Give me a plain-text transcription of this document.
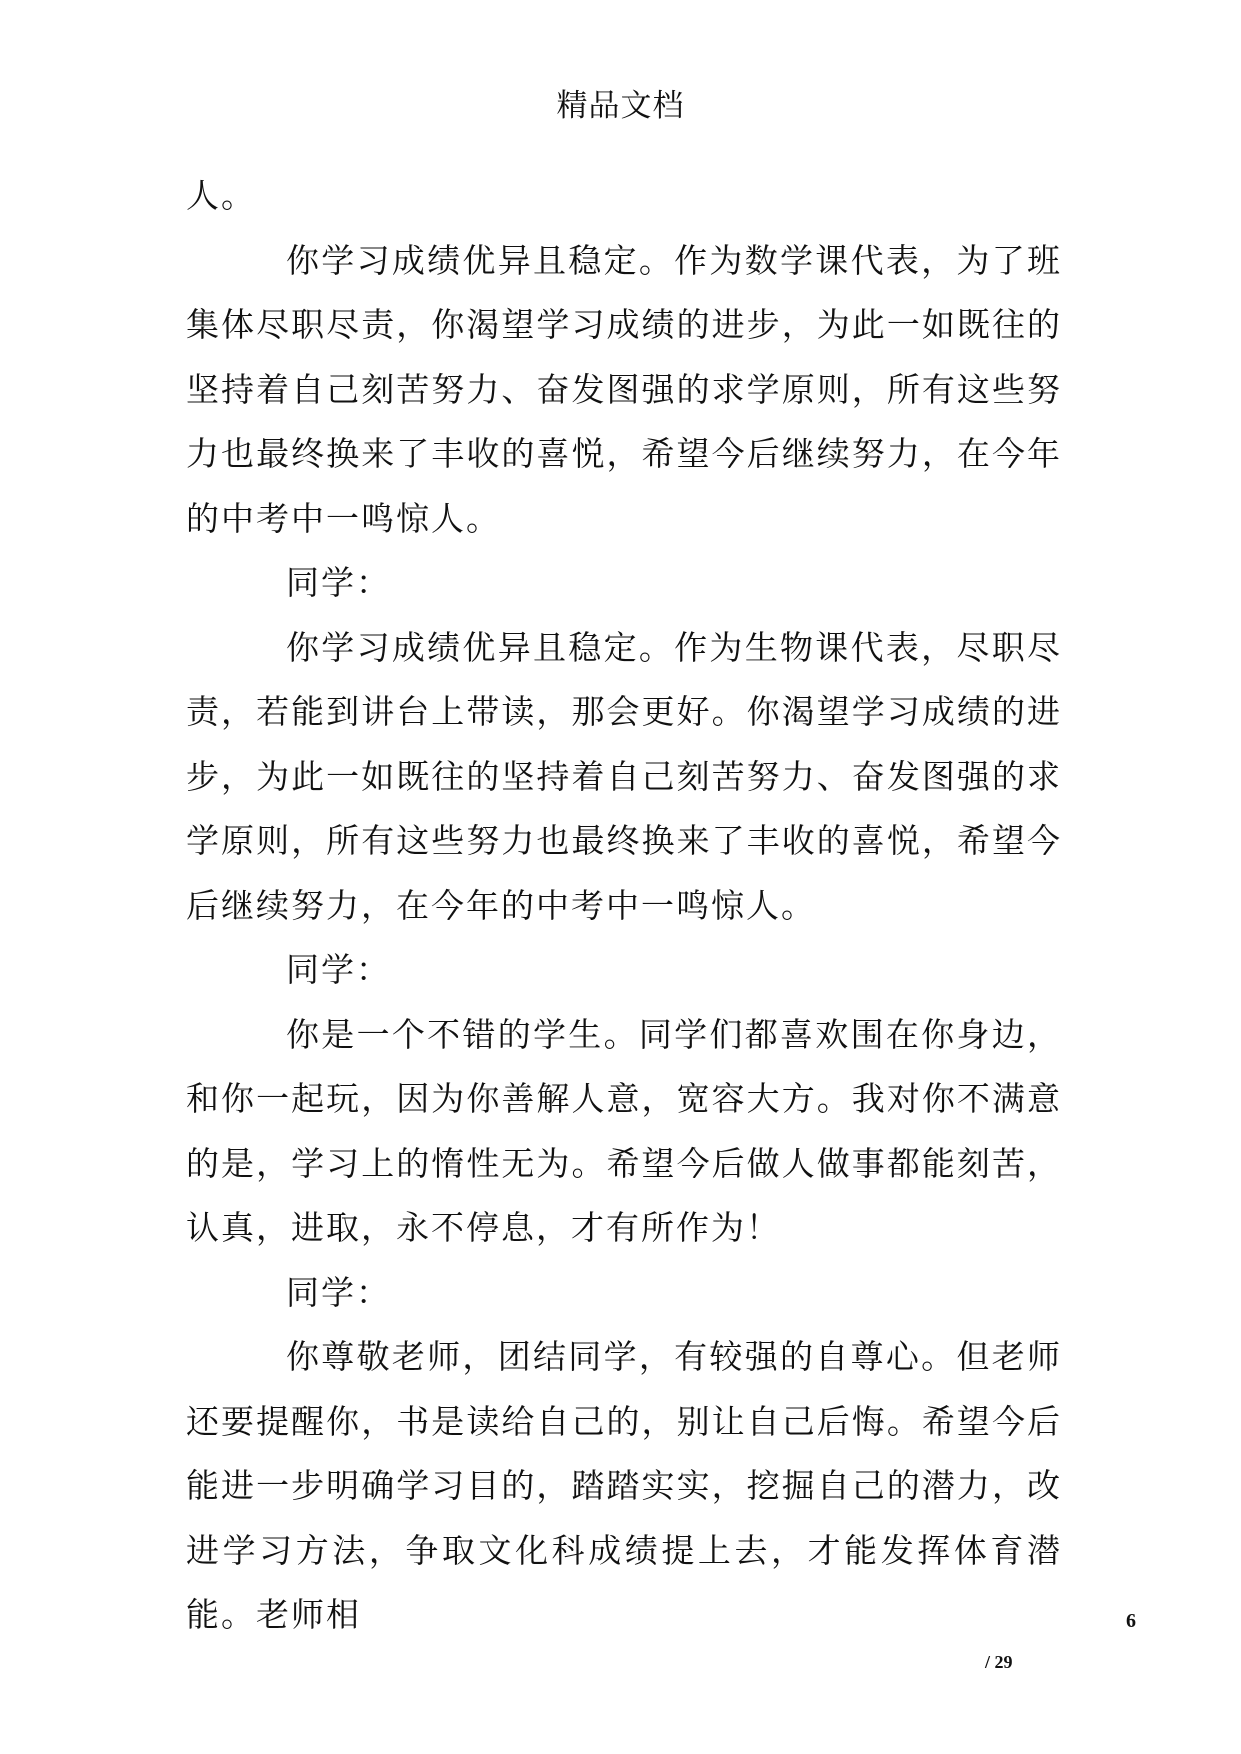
精品文档

人。

你学习成绩优异且稳定。作为数学课代表，为了班集体尽职尽责，你渴望学习成绩的进步，为此一如既往的坚持着自己刻苦努力、奋发图强的求学原则，所有这些努力也最终换来了丰收的喜悦，希望今后继续努力，在今年的中考中一鸣惊人。

同学：

你学习成绩优异且稳定。作为生物课代表，尽职尽责，若能到讲台上带读，那会更好。你渴望学习成绩的进步，为此一如既往的坚持着自己刻苦努力、奋发图强的求学原则，所有这些努力也最终换来了丰收的喜悦，希望今后继续努力，在今年的中考中一鸣惊人。

同学：

你是一个不错的学生。同学们都喜欢围在你身边，和你一起玩，因为你善解人意，宽容大方。我对你不满意的是，学习上的惰性无为。希望今后做人做事都能刻苦，认真，进取，永不停息，才有所作为！

同学：

你尊敬老师，团结同学，有较强的自尊心。但老师还要提醒你，书是读给自己的，别让自己后悔。希望今后能进一步明确学习目的，踏踏实实，挖掘自己的潜力，改进学习方法，争取文化科成绩提上去，才能发挥体育潜能。老师相	6
/ 29
